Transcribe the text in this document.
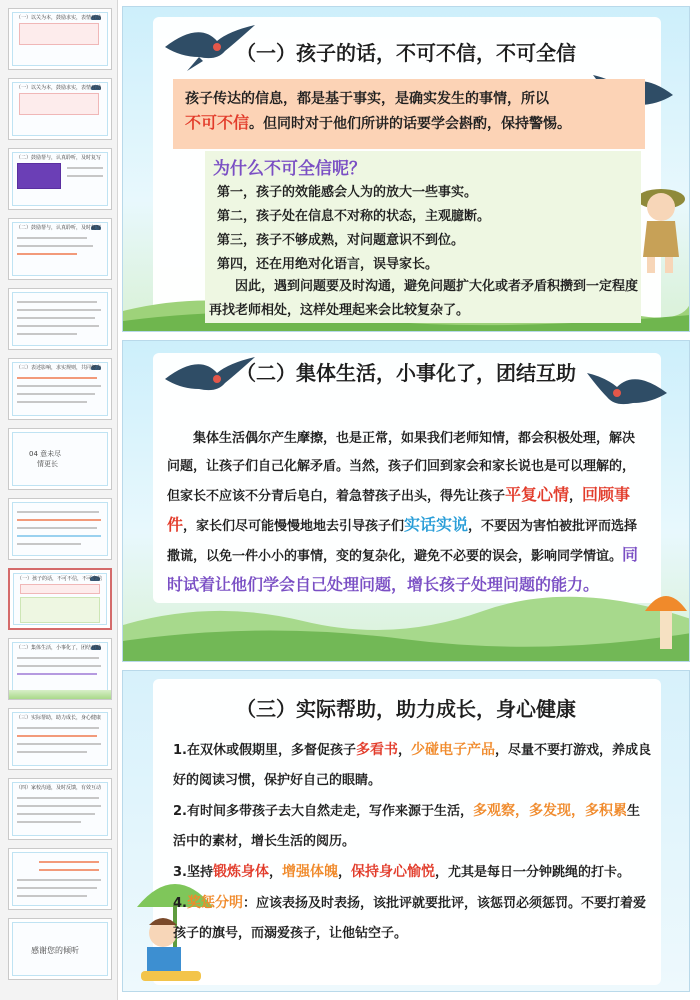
（一）以关为本，鼓励求实，表情互动
（一）以关为本，鼓励求实，表情互动
（二）鼓励帮与，认真聆听，及时复写
（二）鼓励帮与，认真聆听，及时复写
（三）表述影响，求实规则，共同努力
04 意未尽
情更长
（一）孩子的话，不可不信，不可全信
（二）集体生活，小事化了，团结互助
（三）实际帮助，助力成长，身心健康
（四）家校沟通，及时反馈，有效互动
感谢您的倾听
（一）孩子的话，不可不信，不可全信
孩子传达的信息，都是基于事实，是确实发生的事情，所以
不可不信。但同时对于他们所讲的话要学会斟酌，保持警惕。
为什么不可全信呢？
第一，孩子的效能感会人为的放大一些事实。
第二，孩子处在信息不对称的状态，主观臆断。
第三，孩子不够成熟，对问题意识不到位。
第四，还在用绝对化语言，误导家长。
因此，遇到问题要及时沟通，避免问题扩大化或者矛盾积攒到一定程度再找老师相处，这样处理起来会比较复杂了。
（二）集体生活，小事化了，团结互助

集体生活偶尔产生摩擦，也是正常，如果我们老师知情，都会积极处理，解决问题，让孩子们自己化解矛盾。当然，孩子们回到家会和家长说也是可以理解的，但家长不应该不分青后皂白，着急替孩子出头，得先让孩子平复心情，回顾事件，家长们尽可能慢慢地地去引导孩子们实话实说，不要因为害怕被批评而选择撒谎，以免一件小小的事情，变的复杂化，避免不必要的误会，影响同学情谊。同时试着让他们学会自己处理问题，增长孩子处理问题的能力。

（三）实际帮助，助力成长，身心健康

1.在双休或假期里，多督促孩子多看书，少碰电子产品，尽量不要打游戏，养成良好的阅读习惯，保护好自己的眼睛。

2.有时间多带孩子去大自然走走，写作来源于生活，多观察，多发现，多积累生活中的素材，增长生活的阅历。

3.坚持锻炼身体，增强体魄，保持身心愉悦，尤其是每日一分钟跳绳的打卡。

4.奖惩分明：应该表扬及时表扬，该批评就要批评，该惩罚必须惩罚。不要打着爱孩子的旗号，而溺爱孩子，让他钻空子。
